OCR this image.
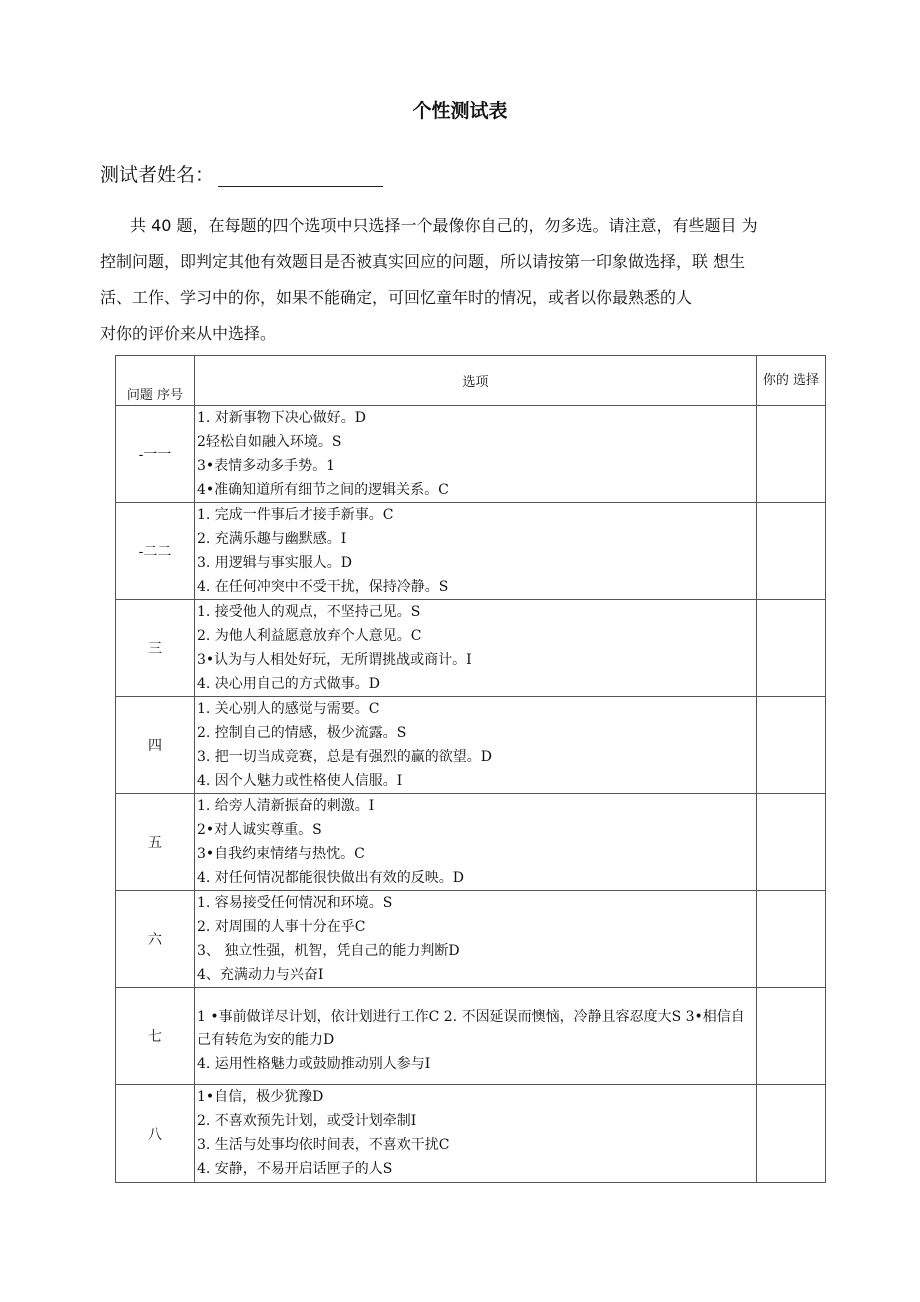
个性测试表
测试者姓名：

共 40 题，在每题的四个选项中只选择一个最像你自己的，勿多选。请注意，有些题目 为

控制问题，即判定其他有效题目是否被真实回应的问题，所以请按第一印象做选择，联 想生

活、工作、学习中的你，如果不能确定，可回忆童年时的情况，或者以你最熟悉的人

对你的评价来从中选择。

问题 序号	选项	你的 选择
-一一	1. 对新事物下决心做好。D
2轻松自如融入环境。S
3•表情多动多手势。1
4•准确知道所有细节之间的逻辑关系。C	

-二二	1. 完成一件事后才接手新事。C
2. 充满乐趣与幽默感。I
3. 用逻辑与事实服人。D
4. 在任何冲突中不受干扰，保持冷静。S	

三	1. 接受他人的观点，不坚持己见。S
2. 为他人利益愿意放弃个人意见。C
3•认为与人相处好玩，无所谓挑战或商计。I
4. 决心用自己的方式做事。D	

四	1. 关心别人的感觉与需要。C
2. 控制自己的情感，极少流露。S
3. 把一切当成竞赛，总是有强烈的赢的欲望。D
4. 因个人魅力或性格使人信服。I	

五	1. 给旁人清新振奋的刺激。I
2•对人诚实尊重。S
3•自我约束情绪与热忱。C
4. 对任何情况都能很快做出有效的反映。D	

六	1. 容易接受任何情况和环境。S
2. 对周围的人事十分在乎C
3、 独立性强，机智，凭自己的能力判断D
4、充满动力与兴奋I	

七	1 •事前做详尽计划，依计划进行工作C 2. 不因延误而懊恼，冷静且容忍度大S 3•相信自己有转危为安的能力D
4. 运用性格魅力或鼓励推动别人参与I	

八	1•自信，极少犹豫D
2. 不喜欢预先计划，或受计划牵制I
3. 生活与处事均依时间表，不喜欢干扰C
4. 安静，不易开启话匣子的人S	
